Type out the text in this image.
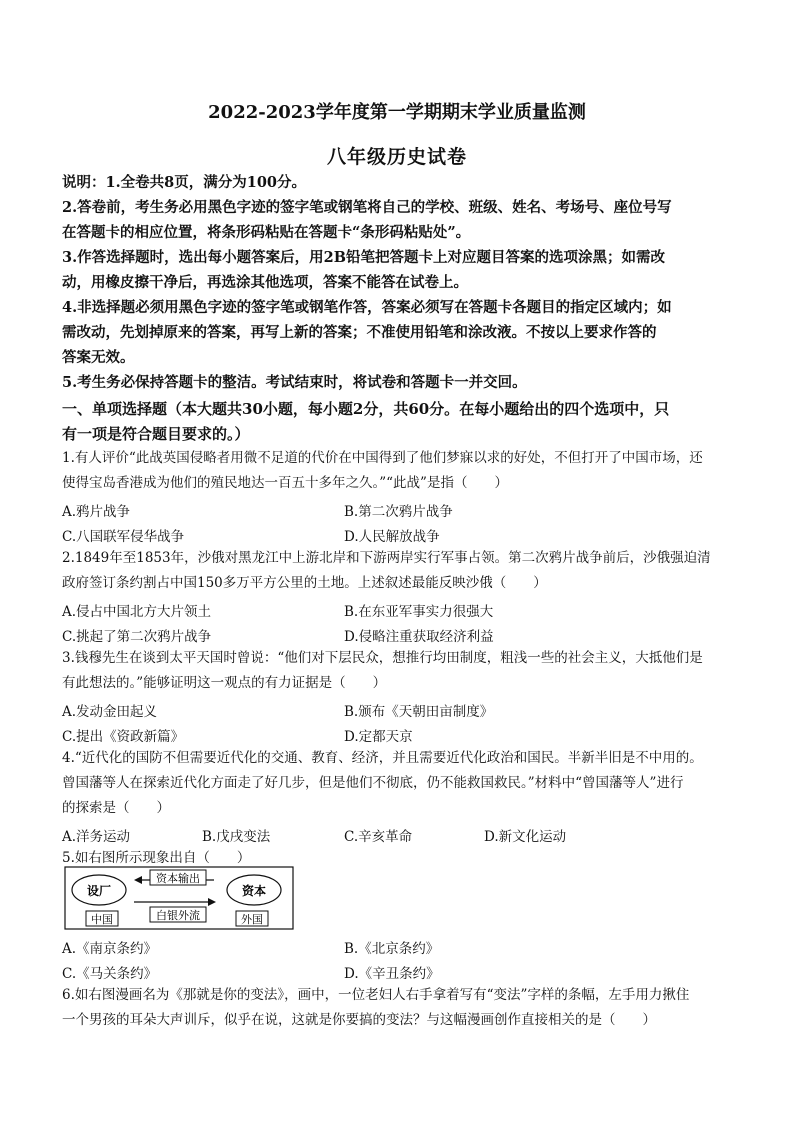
2022-2023学年度第一学期期末学业质量监测
八年级历史试卷
说明：1.全卷共8页，满分为100分。
2.答卷前，考生务必用黑色字迹的签字笔或钢笔将自己的学校、班级、姓名、考场号、座位号写
在答题卡的相应位置，将条形码粘贴在答题卡“条形码粘贴处”。
3.作答选择题时，选出每小题答案后，用2B铅笔把答题卡上对应题目答案的选项涂黑；如需改
动，用橡皮擦干净后，再选涂其他选项，答案不能答在试卷上。
4.非选择题必须用黑色字迹的签字笔或钢笔作答，答案必须写在答题卡各题目的指定区域内；如
需改动，先划掉原来的答案，再写上新的答案；不准使用铅笔和涂改液。不按以上要求作答的
答案无效。
5.考生务必保持答题卡的整洁。考试结束时，将试卷和答题卡一并交回。
一、单项选择题（本大题共30小题，每小题2分，共60分。在每小题给出的四个选项中，只
有一项是符合题目要求的。）
1.有人评价“此战英国侵略者用微不足道的代价在中国得到了他们梦寐以求的好处，不但打开了中国市场，还
使得宝岛香港成为他们的殖民地达一百五十多年之久。”“此战”是指（　　）
A.鸦片战争	B.第二次鸦片战争
C.八国联军侵华战争	D.人民解放战争
2.1849年至1853年，沙俄对黑龙江中上游北岸和下游两岸实行军事占领。第二次鸦片战争前后，沙俄强迫清
政府签订条约割占中国150多万平方公里的土地。上述叙述最能反映沙俄（　　）
A.侵占中国北方大片领土	B.在东亚军事实力很强大
C.挑起了第二次鸦片战争	D.侵略注重获取经济利益
3.钱穆先生在谈到太平天国时曾说：“他们对下层民众，想推行均田制度，粗浅一些的社会主义，大抵他们是
有此想法的。”能够证明这一观点的有力证据是（　　）
A.发动金田起义	B.颁布《天朝田亩制度》
C.提出《资政新篇》	D.定都天京
4.“近代化的国防不但需要近代化的交通、教育、经济，并且需要近代化政治和国民。半新半旧是不中用的。
曾国藩等人在探索近代化方面走了好几步，但是他们不彻底，仍不能救国救民。”材料中“曾国藩等人”进行
的探索是（　　）
A.洋务运动	B.戊戌变法	C.辛亥革命	D.新文化运动
5.如右图所示现象出自（　　）
设厂	资本
资本输出
白银外流
中国	外国
A.《南京条约》	B.《北京条约》
C.《马关条约》	D.《辛丑条约》
6.如右图漫画名为《那就是你的变法》，画中，一位老妇人右手拿着写有“变法”字样的条幅，左手用力揪住
一个男孩的耳朵大声训斥，似乎在说，这就是你要搞的变法？与这幅漫画创作直接相关的是（　　）
